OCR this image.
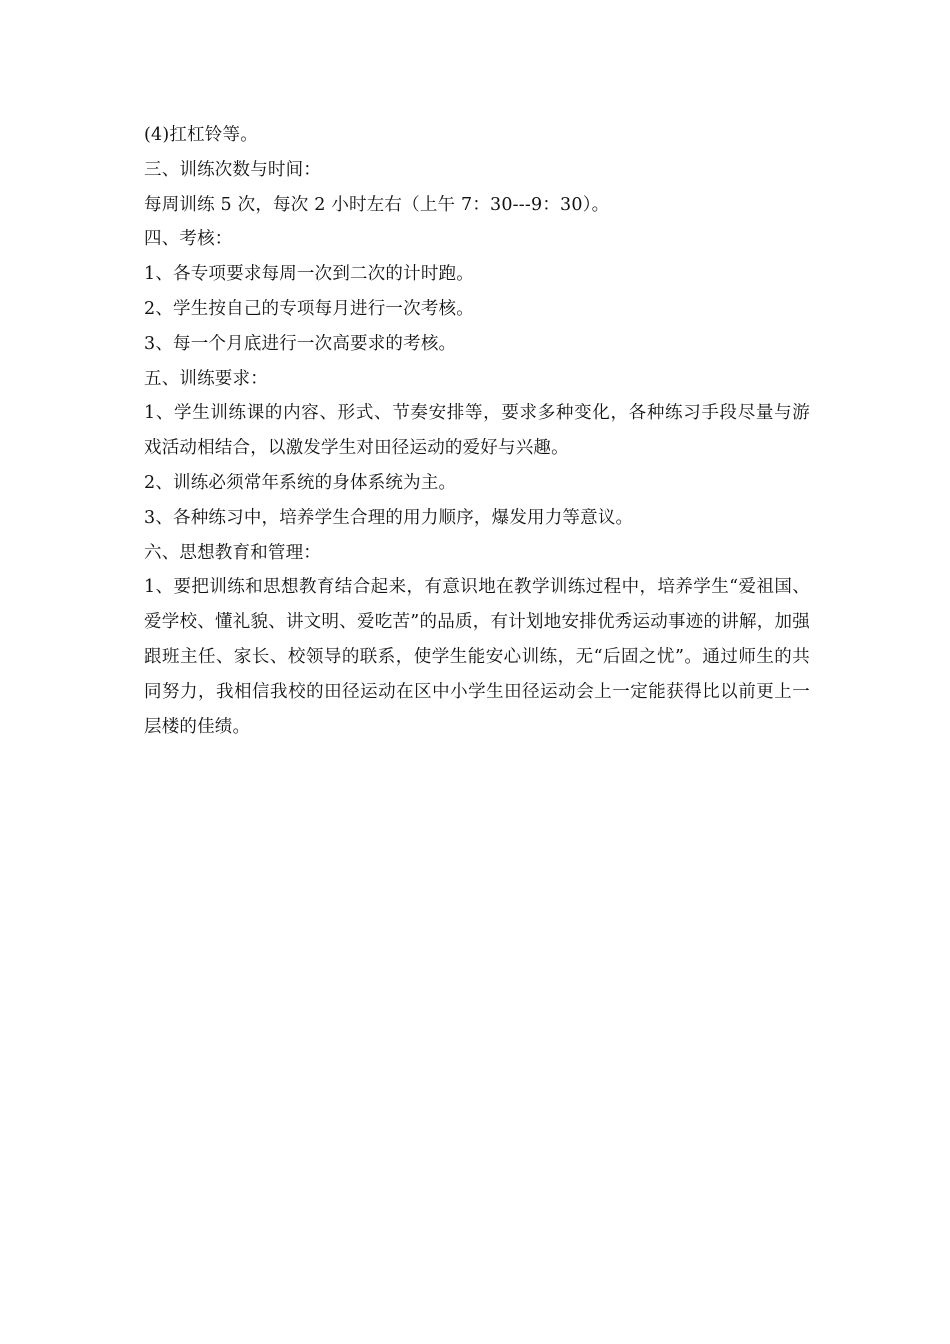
(4)扛杠铃等。

三、训练次数与时间：

每周训练 5 次，每次 2 小时左右（上午 7：30---9：30）。

四、考核：

1、各专项要求每周一次到二次的计时跑。

2、学生按自己的专项每月进行一次考核。

3、每一个月底进行一次高要求的考核。

五、训练要求：

1、学生训练课的内容、形式、节奏安排等，要求多种变化，各种练习手段尽量与游戏活动相结合，以激发学生对田径运动的爱好与兴趣。

2、训练必须常年系统的身体系统为主。

3、各种练习中，培养学生合理的用力顺序，爆发用力等意议。

六、思想教育和管理：

1、要把训练和思想教育结合起来，有意识地在教学训练过程中，培养学生“爱祖国、爱学校、懂礼貌、讲文明、爱吃苦”的品质，有计划地安排优秀运动事迹的讲解，加强跟班主任、家长、校领导的联系，使学生能安心训练，无“后固之忧”。通过师生的共同努力，我相信我校的田径运动在区中小学生田径运动会上一定能获得比以前更上一层楼的佳绩。
